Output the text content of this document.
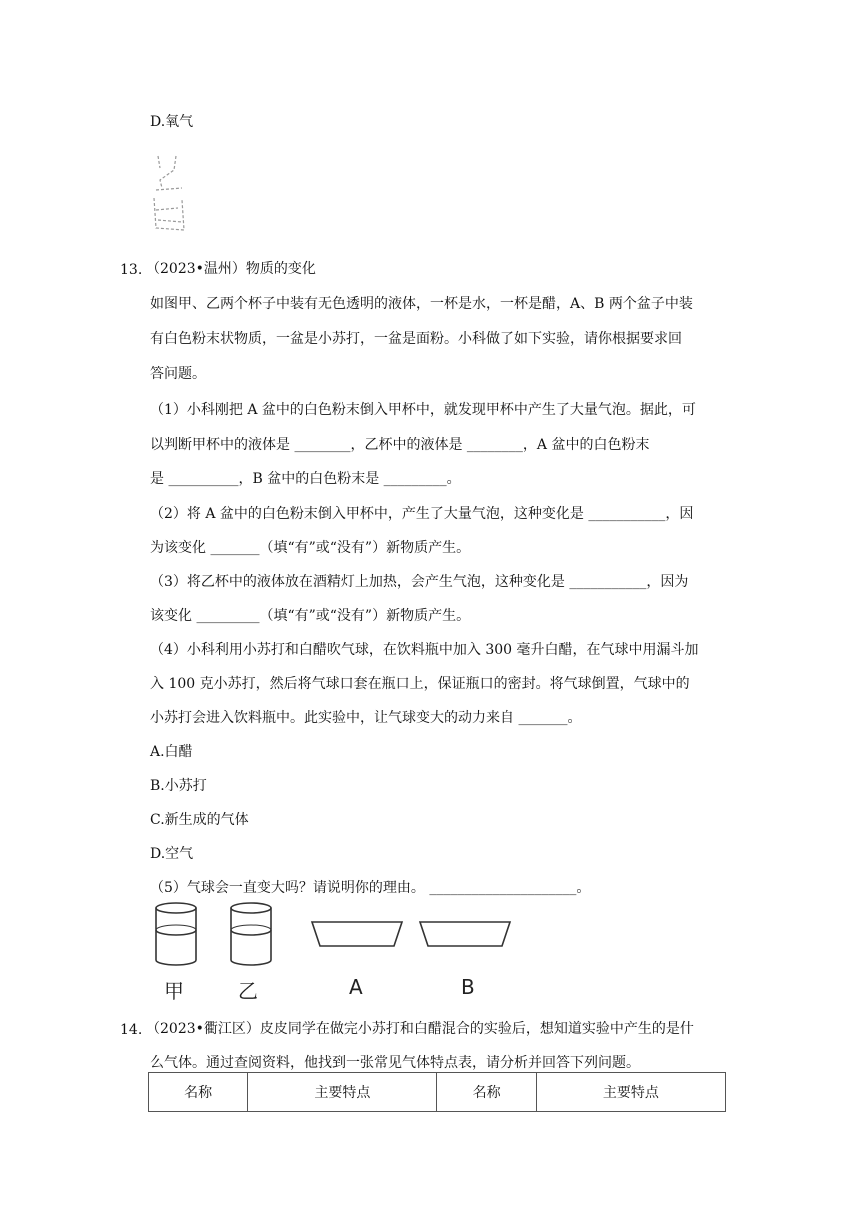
D.氧气
13. （2023•温州）物质的变化
如图甲、乙两个杯子中装有无色透明的液体，一杯是水，一杯是醋，A、B 两个盆子中装
有白色粉末状物质，一盆是小苏打，一盆是面粉。小科做了如下实验，请你根据要求回
答问题。
（1）小科刚把 A 盆中的白色粉末倒入甲杯中，就发现甲杯中产生了大量气泡。据此，可
以判断甲杯中的液体是 ________，乙杯中的液体是 ________，A 盆中的白色粉末
是 __________，B 盆中的白色粉末是 _________。
（2）将 A 盆中的白色粉末倒入甲杯中，产生了大量气泡，这种变化是 ___________，因
为该变化 _______（填“有”或“没有”）新物质产生。
（3）将乙杯中的液体放在酒精灯上加热，会产生气泡，这种变化是 ___________，因为
该变化 _________（填“有”或“没有”）新物质产生。
（4）小科利用小苏打和白醋吹气球，在饮料瓶中加入 300 毫升白醋，在气球中用漏斗加
入 100 克小苏打，然后将气球口套在瓶口上，保证瓶口的密封。将气球倒置，气球中的
小苏打会进入饮料瓶中。此实验中，让气球变大的动力来自 _______。
A.白醋
B.小苏打
C.新生成的气体
D.空气
（5）气球会一直变大吗？请说明你的理由。 _____________________。
甲	乙	A	B
14. （2023•衢江区）皮皮同学在做完小苏打和白醋混合的实验后，想知道实验中产生的是什
么气体。通过查阅资料，他找到一张常见气体特点表，请分析并回答下列问题。
名称	主要特点	名称	主要特点
